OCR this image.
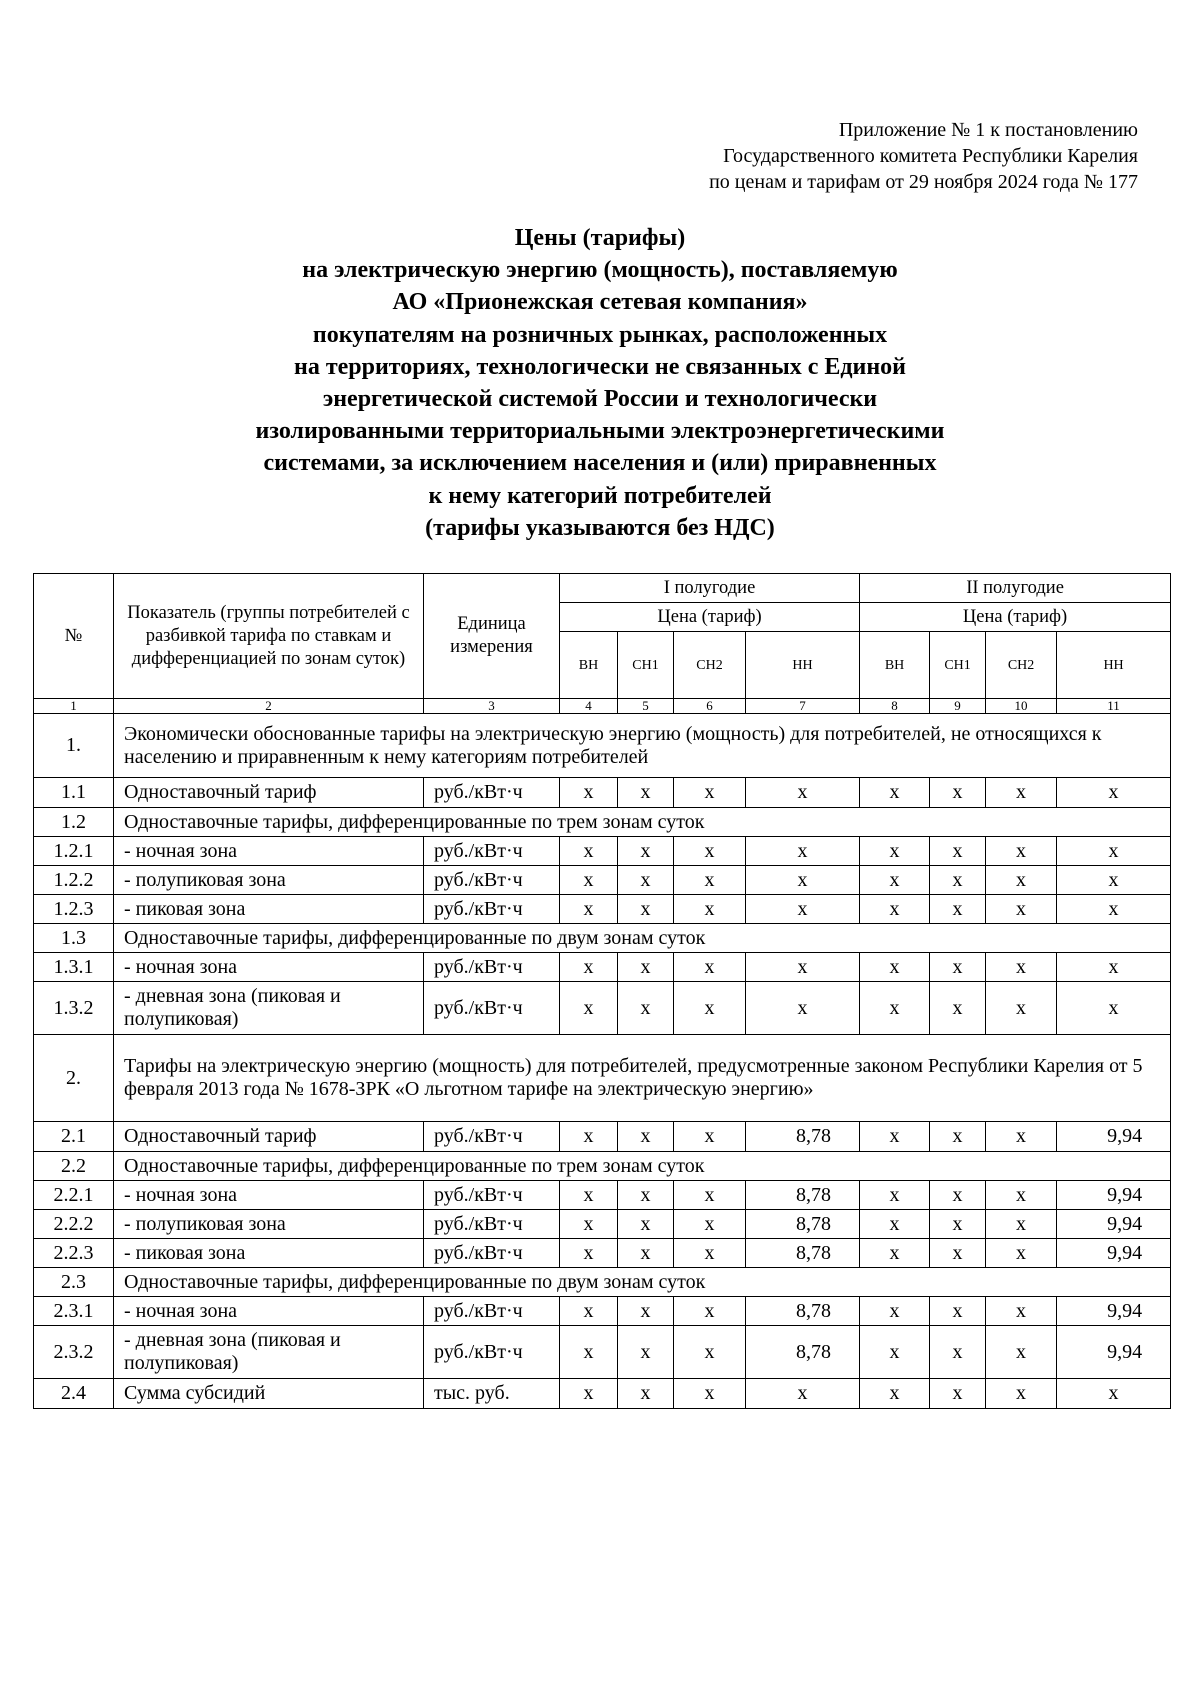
Приложение № 1 к постановлению
Государственного комитета Республики Карелия
по ценам и тарифам от 29 ноября 2024 года № 177
Цены (тарифы)
на электрическую энергию (мощность), поставляемую
АО «Прионежская сетевая компания»
покупателям на розничных рынках, расположенных
на территориях, технологически не связанных с Единой
энергетической системой России и технологически
изолированными территориальными электроэнергетическими
системами, за исключением населения и (или) приравненных
к нему категорий потребителей
(тарифы указываются без НДС)
№	Показатель (группы потребителей с разбивкой тарифа по ставкам и дифференциацией по зонам суток)	Единица измерения	I полугодие				II полугодие			
			Цена (тариф)				Цена (тариф)			
			ВН	СН1	СН2	НН	ВН	СН1	СН2	НН
1	2	3	4	5	6	7	8	9	10	11
1.	Экономически обоснованные тарифы на электрическую энергию (мощность) для потребителей, не относящихся к населению и приравненным к нему категориям потребителей									
1.1	Одноставочный тариф	руб./кВт·ч	х	х	х	х	х	х	х	х
1.2	Одноставочные тарифы, дифференцированные по трем зонам суток									
1.2.1	- ночная зона	руб./кВт·ч	х	х	х	х	х	х	х	х
1.2.2	- полупиковая зона	руб./кВт·ч	х	х	х	х	х	х	х	х
1.2.3	- пиковая зона	руб./кВт·ч	х	х	х	х	х	х	х	х
1.3	Одноставочные тарифы, дифференцированные по двум зонам суток									
1.3.1	- ночная зона	руб./кВт·ч	х	х	х	х	х	х	х	х
1.3.2	- дневная зона (пиковая и полупиковая)	руб./кВт·ч	х	х	х	х	х	х	х	х
2.	Тарифы на электрическую энергию (мощность) для потребителей, предусмотренные законом Республики Карелия от 5 февраля 2013 года № 1678-ЗРК «О льготном тарифе на электрическую энергию»									
2.1	Одноставочный тариф	руб./кВт·ч	х	х	х	8,78	х	х	х	9,94
2.2	Одноставочные тарифы, дифференцированные по трем зонам суток									
2.2.1	- ночная зона	руб./кВт·ч	х	х	х	8,78	х	х	х	9,94
2.2.2	- полупиковая зона	руб./кВт·ч	х	х	х	8,78	х	х	х	9,94
2.2.3	- пиковая зона	руб./кВт·ч	х	х	х	8,78	х	х	х	9,94
2.3	Одноставочные тарифы, дифференцированные по двум зонам суток									
2.3.1	- ночная зона	руб./кВт·ч	х	х	х	8,78	х	х	х	9,94
2.3.2	- дневная зона (пиковая и полупиковая)	руб./кВт·ч	х	х	х	8,78	х	х	х	9,94
2.4	Сумма субсидий	тыс. руб.	х	х	х	х	х	х	х	х
